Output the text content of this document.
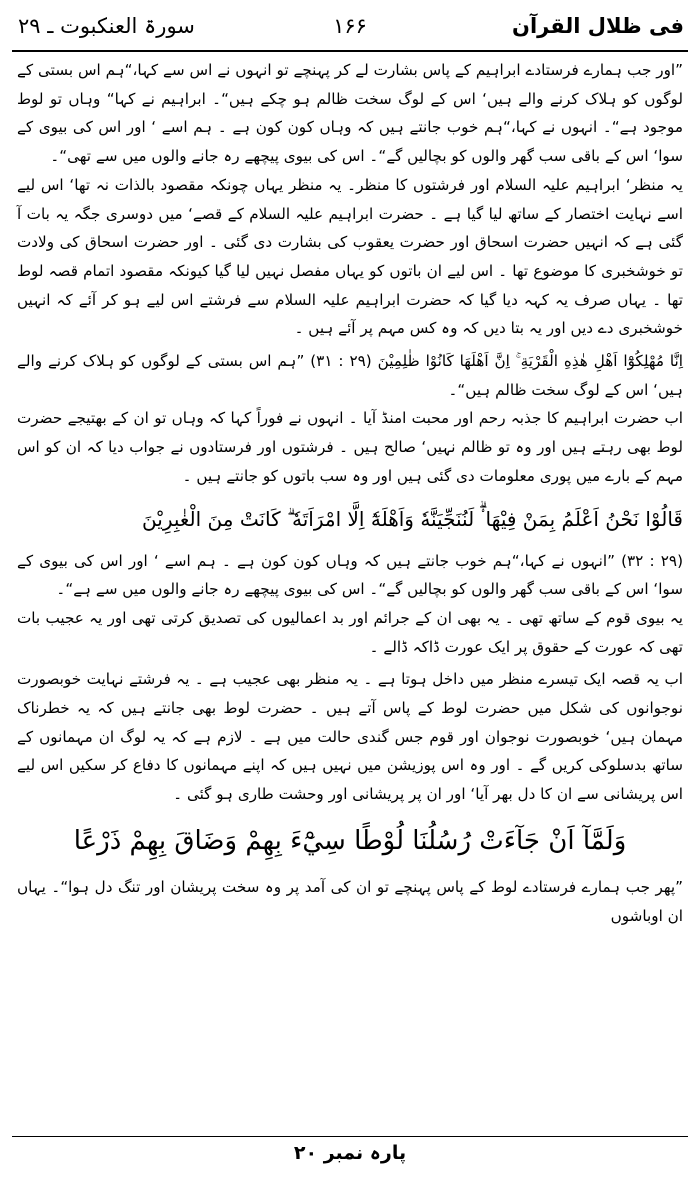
سورۃ العنکبوت ـ ۲۹	۱۶۶	فی ظلال القرآن

”اور جب ہمارے فرستادے ابراہیم کے پاس بشارت لے کر پہنچے تو انہوں نے اس سے کہا،“ہم اس بستی کے لوگوں کو ہلاک کرنے والے ہیں‘ اس کے لوگ سخت ظالم ہو چکے ہیں“۔ ابراہیم نے کہا“ وہاں تو لوط موجود ہے“۔ انہوں نے کہا،“ہم خوب جانتے ہیں کہ وہاں کون کون ہے ۔ ہم اسے ‘ اور اس کی بیوی کے سوا‘ اس کے باقی سب گھر والوں کو بچالیں گے“۔ اس کی بیوی پیچھے رہ جانے والوں میں سے تھی“۔

یہ منظر‘ ابراہیم علیہ السلام اور فرشتوں کا منظر۔ یہ منظر یہاں چونکہ مقصود بالذات نہ تھا‘ اس لیے اسے نہایت اختصار کے ساتھ لیا گیا ہے ۔ حضرت ابراہیم علیہ السلام کے قصے‘ میں دوسری جگہ یہ بات آ گئی ہے کہ انہیں حضرت اسحاق اور حضرت یعقوب کی بشارت دی گئی ۔ اور حضرت اسحاق کی ولادت تو خوشخبری کا موضوع تھا ۔ اس لیے ان باتوں کو یہاں مفصل نہیں لیا گیا کیونکہ مقصود اتمام قصہ لوط تھا ۔ یہاں صرف یہ کہہ دیا گیا کہ حضرت ابراہیم علیہ السلام سے فرشتے اس لیے ہو کر آئے کہ انہیں خوشخبری دے دیں اور یہ بتا دیں کہ وہ کس مہم پر آئے ہیں ۔

اِنَّا مُهْلِكُوْٓا اَهْلِ هٰذِهِ الْقَرْيَةِ ۚ اِنَّ اَهْلَهَا كَانُوْا ظٰلِمِيْنَ (۲۹ : ۳۱) ”ہم اس بستی کے لوگوں کو ہلاک کرنے والے ہیں‘ اس کے لوگ سخت ظالم ہیں“۔

اب حضرت ابراہیم کا جذبہ رحم اور محبت امنڈ آیا ۔ انہوں نے فوراً کہا کہ وہاں تو ان کے بھتیجے حضرت لوط بھی رہتے ہیں اور وہ تو ظالم نہیں‘ صالح ہیں ۔ فرشتوں اور فرستادوں نے جواب دیا کہ ان کو اس مہم کے بارے میں پوری معلومات دی گئی ہیں اور وہ سب باتوں کو جانتے ہیں ۔

قَالُوْا نَحْنُ اَعْلَمُ بِمَنْ فِيْهَا ۟ۗ لَنُنَجِّيَنَّهٗ وَاَهْلَهٗٓ اِلَّا امْرَاَتَهٗ ۗ كَانَتْ مِنَ الْغٰبِرِيْنَ

(۲۹ : ۳۲) ”انہوں نے کہا،“ہم خوب جانتے ہیں کہ وہاں کون کون ہے ۔ ہم اسے ‘ اور اس کی بیوی کے سوا‘ اس کے باقی سب گھر والوں کو بچالیں گے“۔ اس کی بیوی پیچھے رہ جانے والوں میں سے ہے“۔

یہ بیوی قوم کے ساتھ تھی ۔ یہ بھی ان کے جرائم اور بد اعمالیوں کی تصدیق کرتی تھی اور یہ عجیب بات تھی کہ عورت کے حقوق پر ایک عورت ڈاکہ ڈالے ۔

اب یہ قصہ ایک تیسرے منظر میں داخل ہوتا ہے ۔ یہ منظر بھی عجیب ہے ۔ یہ فرشتے نہایت خوبصورت نوجوانوں کی شکل میں حضرت لوط کے پاس آتے ہیں ۔ حضرت لوط بھی جانتے ہیں کہ یہ خطرناک مہمان ہیں‘ خوبصورت نوجوان اور قوم جس گندی حالت میں ہے ۔ لازم ہے کہ یہ لوگ ان مہمانوں کے ساتھ بدسلوکی کریں گے ۔ اور وہ اس پوزیشن میں نہیں ہیں کہ اپنے مہمانوں کا دفاع کر سکیں اس لیے اس پریشانی سے ان کا دل بھر آیا‘ اور ان پر پریشانی اور وحشت طاری ہو گئی ۔

وَلَمَّآ اَنْ جَآءَتْ رُسُلُنَا لُوْطًا سِيْٓءَ بِهِمْ وَضَاقَ بِهِمْ ذَرْعًا

”پھر جب ہمارے فرستادے لوط کے پاس پہنچے تو ان کی آمد پر وہ سخت پریشان اور تنگ دل ہوا“۔ یہاں ان اوباشوں

پارہ نمبر ۲۰
